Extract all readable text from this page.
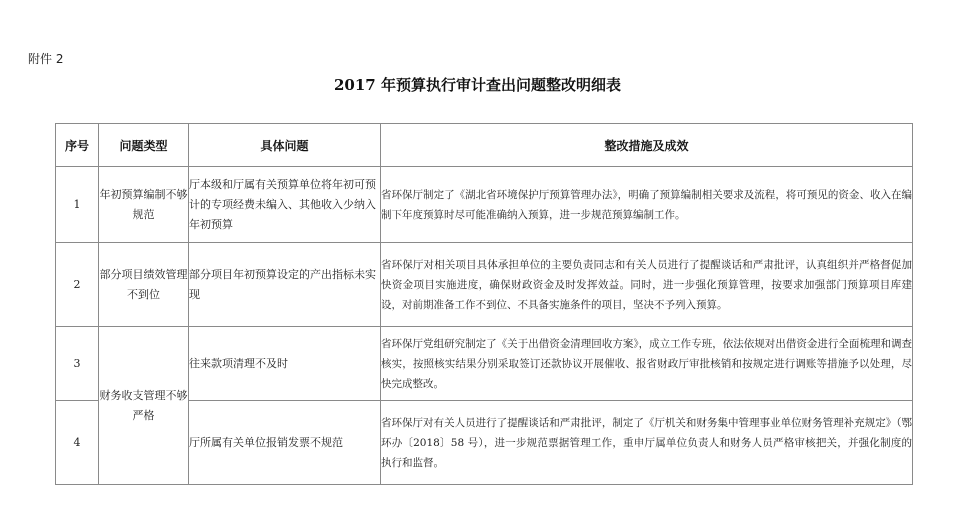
附件 2
2017 年预算执行审计查出问题整改明细表
序号	问题类型	具体问题	整改措施及成效
1	年初预算编制不够规范	厅本级和厅属有关预算单位将年初可预计的专项经费未编入、其他收入少纳入年初预算	省环保厅制定了《湖北省环境保护厅预算管理办法》，明确了预算编制相关要求及流程，将可预见的资金、收入在编制下年度预算时尽可能准确纳入预算，进一步规范预算编制工作。
2	部分项目绩效管理不到位	部分项目年初预算设定的产出指标未实现	省环保厅对相关项目具体承担单位的主要负责同志和有关人员进行了提醒谈话和严肃批评，认真组织并严格督促加快资金项目实施进度，确保财政资金及时发挥效益。同时，进一步强化预算管理，按要求加强部门预算项目库建设，对前期准备工作不到位、不具备实施条件的项目，坚决不予列入预算。
3	财务收支管理不够严格	往来款项清理不及时	省环保厅党组研究制定了《关于出借资金清理回收方案》，成立工作专班，依法依规对出借资金进行全面梳理和调查核实，按照核实结果分别采取签订还款协议开展催收、报省财政厅审批核销和按规定进行调账等措施予以处理，尽快完成整改。
4		厅所属有关单位报销发票不规范	省环保厅对有关人员进行了提醒谈话和严肃批评，制定了《厅机关和财务集中管理事业单位财务管理补充规定》（鄂环办〔2018〕58 号），进一步规范票据管理工作，重申厅属单位负责人和财务人员严格审核把关，并强化制度的执行和监督。
